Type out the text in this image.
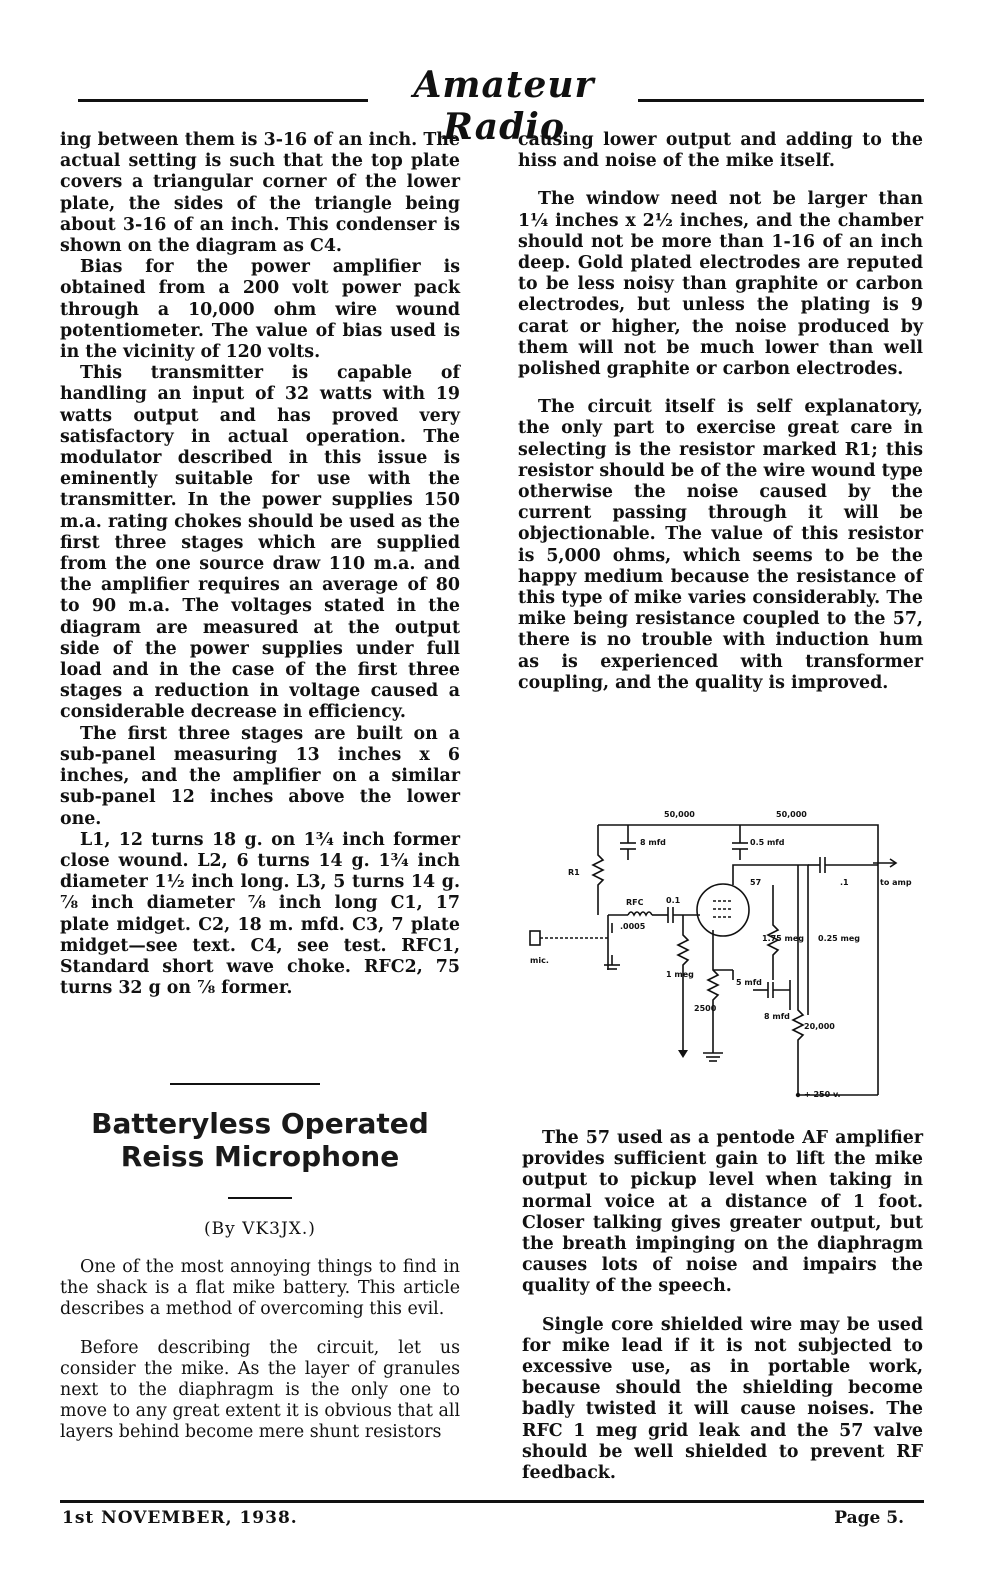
Amateur Radio

ing between them is 3-16 of an inch. The actual setting is such that the top plate covers a triangular corner of the lower plate, the sides of the triangle being about 3-16 of an inch. This condenser is shown on the diagram as C4.

Bias for the power amplifier is obtained from a 200 volt power pack through a 10,000 ohm wire wound potentiometer. The value of bias used is in the vicinity of 120 volts.

This transmitter is capable of handling an input of 32 watts with 19 watts output and has proved very satisfactory in actual operation. The modulator described in this issue is eminently suitable for use with the transmitter. In the power supplies 150 m.a. rating chokes should be used as the first three stages which are supplied from the one source draw 110 m.a. and the amplifier requires an average of 80 to 90 m.a. The voltages stated in the diagram are measured at the output side of the power supplies under full load and in the case of the first three stages a reduction in voltage caused a considerable decrease in efficiency.

The first three stages are built on a sub-panel measuring 13 inches x 6 inches, and the amplifier on a similar sub-panel 12 inches above the lower one.

L1, 12 turns 18 g. on 1¾ inch former close wound. L2, 6 turns 14 g. 1¾ inch diameter 1½ inch long. L3, 5 turns 14 g. ⅞ inch diameter ⅞ inch long C1, 17 plate midget. C2, 18 m. mfd. C3, 7 plate midget—see text. C4, see test. RFC1, Standard short wave choke. RFC2, 75 turns 32 g on ⅞ former.

causing lower output and adding to the hiss and noise of the mike itself.

The window need not be larger than 1¼ inches x 2½ inches, and the chamber should not be more than 1-16 of an inch deep. Gold plated electrodes are reputed to be less noisy than graphite or carbon electrodes, but unless the plating is 9 carat or higher, the noise produced by them will not be much lower than well polished graphite or carbon electrodes.

The circuit itself is self explanatory, the only part to exercise great care in selecting is the resistor marked R1; this resistor should be of the wire wound type otherwise the noise caused by the current passing through it will be objectionable. The value of this resistor is 5,000 ohms, which seems to be the happy medium because the resistance of this type of mike varies considerably. The mike being resistance coupled to the 57, there is no trouble with induction hum as is experienced with transformer coupling, and the quality is improved.

50,000	50,000
8 mfd	0.5 mfd
R1
57	.1	to amp
RFC	0.1
.0005
mic.
1 meg
2500
5 mfd
8 mfd
1.75 meg 0.25 meg
20,000
+ 250 v.
Batteryless Operated Reiss Microphone
(By VK3JX.)

One of the most annoying things to find in the shack is a flat mike battery. This article describes a method of overcoming this evil.

Before describing the circuit, let us consider the mike. As the layer of granules next to the diaphragm is the only one to move to any great extent it is obvious that all layers behind become mere shunt resistors

The 57 used as a pentode AF amplifier provides sufficient gain to lift the mike output to pickup level when taking in normal voice at a distance of 1 foot. Closer talking gives greater output, but the breath impinging on the diaphragm causes lots of noise and impairs the quality of the speech.

Single core shielded wire may be used for mike lead if it is not subjected to excessive use, as in portable work, because should the shielding become badly twisted it will cause noises. The RFC 1 meg grid leak and the 57 valve should be well shielded to prevent RF feedback.

1st NOVEMBER, 1938.	Page 5.
